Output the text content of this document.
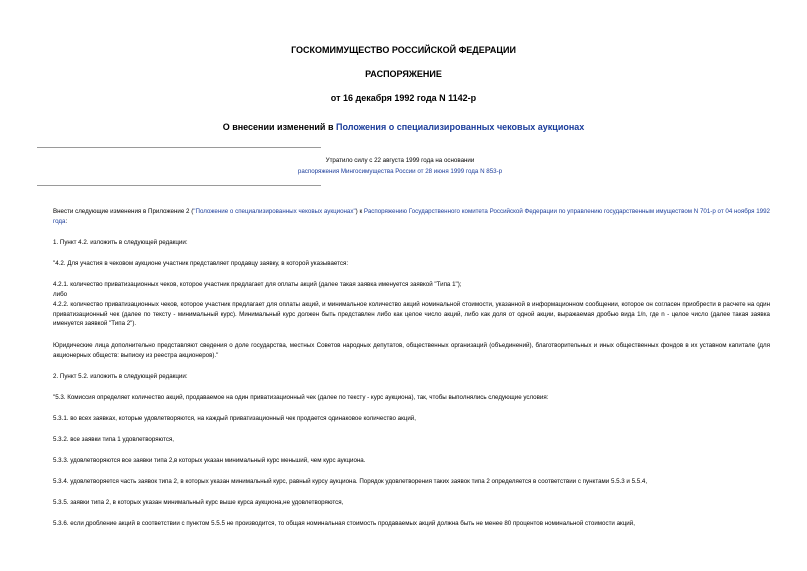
ГОСКОМИМУЩЕСТВО РОССИЙСКОЙ ФЕДЕРАЦИИ
РАСПОРЯЖЕНИЕ
от 16 декабря 1992 года N 1142-р
О внесении изменений в Положения о специализированных чековых аукционах
Утратило силу с 22 августа 1999 года на основании
распоряжения Мингосимущества России от 28 июня 1999 года N 853-р
Внести следующие изменения в Приложение 2 ("Положение о специализированных чековых аукционах") к Распоряжению Государственного комитета Российской Федерации по управлению государственным имуществом N 701-р от 04 ноября 1992 года:
1. Пункт 4.2. изложить в следующей редакции:
"4.2. Для участия в чековом аукционе участник представляет продавцу заявку, в которой указывается:
4.2.1. количество приватизационных чеков, которое участник предлагает для оплаты акций (далее такая заявка именуется заявкой "Типа 1");
либо
4.2.2. количество приватизационных чеков, которое участник предлагает для оплаты акций, и минимальное количество акций номинальной стоимости, указанной в информационном сообщении, которое он согласен приобрести в расчете на один приватизационный чек (далее по тексту - минимальный курс). Минимальный курс должен быть представлен либо как целое число акций, либо как доля от одной акции, выражаемая дробью вида 1/n, где n - целое число (далее такая заявка именуется заявкой "Типа 2").
Юридические лица дополнительно представляют сведения о доле государства, местных Советов народных депутатов, общественных организаций (объединений), благотворительных и иных общественных фондов в их уставном капитале (для акционерных обществ: выписку из реестра акционеров)."
2. Пункт 5.2. изложить в следующей редакции:
"5.3. Комиссия определяет количество акций, продаваемое на один приватизационный чек (далее по тексту - курс аукциона), так, чтобы выполнялись следующие условия:
5.3.1. во всех заявках, которые удовлетворяются, на каждый приватизационный чек продается одинаковое количество акций,
5.3.2. все заявки типа 1 удовлетворяются,
5.3.3. удовлетворяются все заявки типа 2,в которых указан минимальный курс меньший, чем курс аукциона.
5.3.4. удовлетворяется часть заявок типа 2, в которых указан минимальный курс, равный курсу аукциона. Порядок удовлетворения таких заявок типа 2 определяется в соответствии с пунктами 5.5.3 и 5.5.4,
5.3.5. заявки типа 2, в которых указан минимальный курс выше курса аукциона,не удовлетворяются,
5.3.6. если дробление акций в соответствии с пунктом 5.5.5 не производится, то общая номинальная стоимость продаваемых акций должна быть не менее 80 процентов номинальной стоимости акций,
